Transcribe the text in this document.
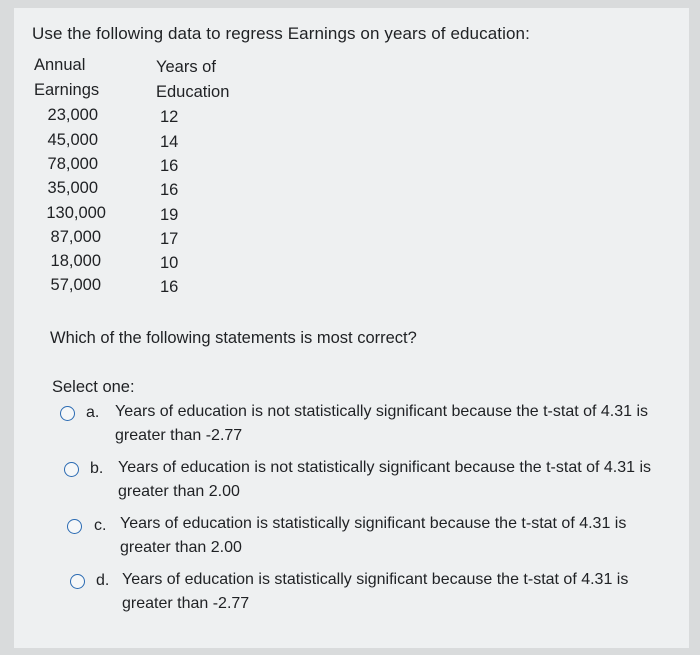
Use the following data to regress Earnings on years of education:
Annual
Earnings
Years of
Education
23,000	12
45,000	14
78,000	16
35,000	16
130,000	19
87,000	17
18,000	10
57,000	16
Which of the following statements is most correct?
Select one:
a. Years of education is not statistically significant because the t-stat of 4.31 is greater than -2.77
b. Years of education is not statistically significant because the t-stat of 4.31 is greater than 2.00
c. Years of education is statistically significant because the t-stat of 4.31 is greater than 2.00
d. Years of education is statistically significant because the t-stat of 4.31 is greater than -2.77
